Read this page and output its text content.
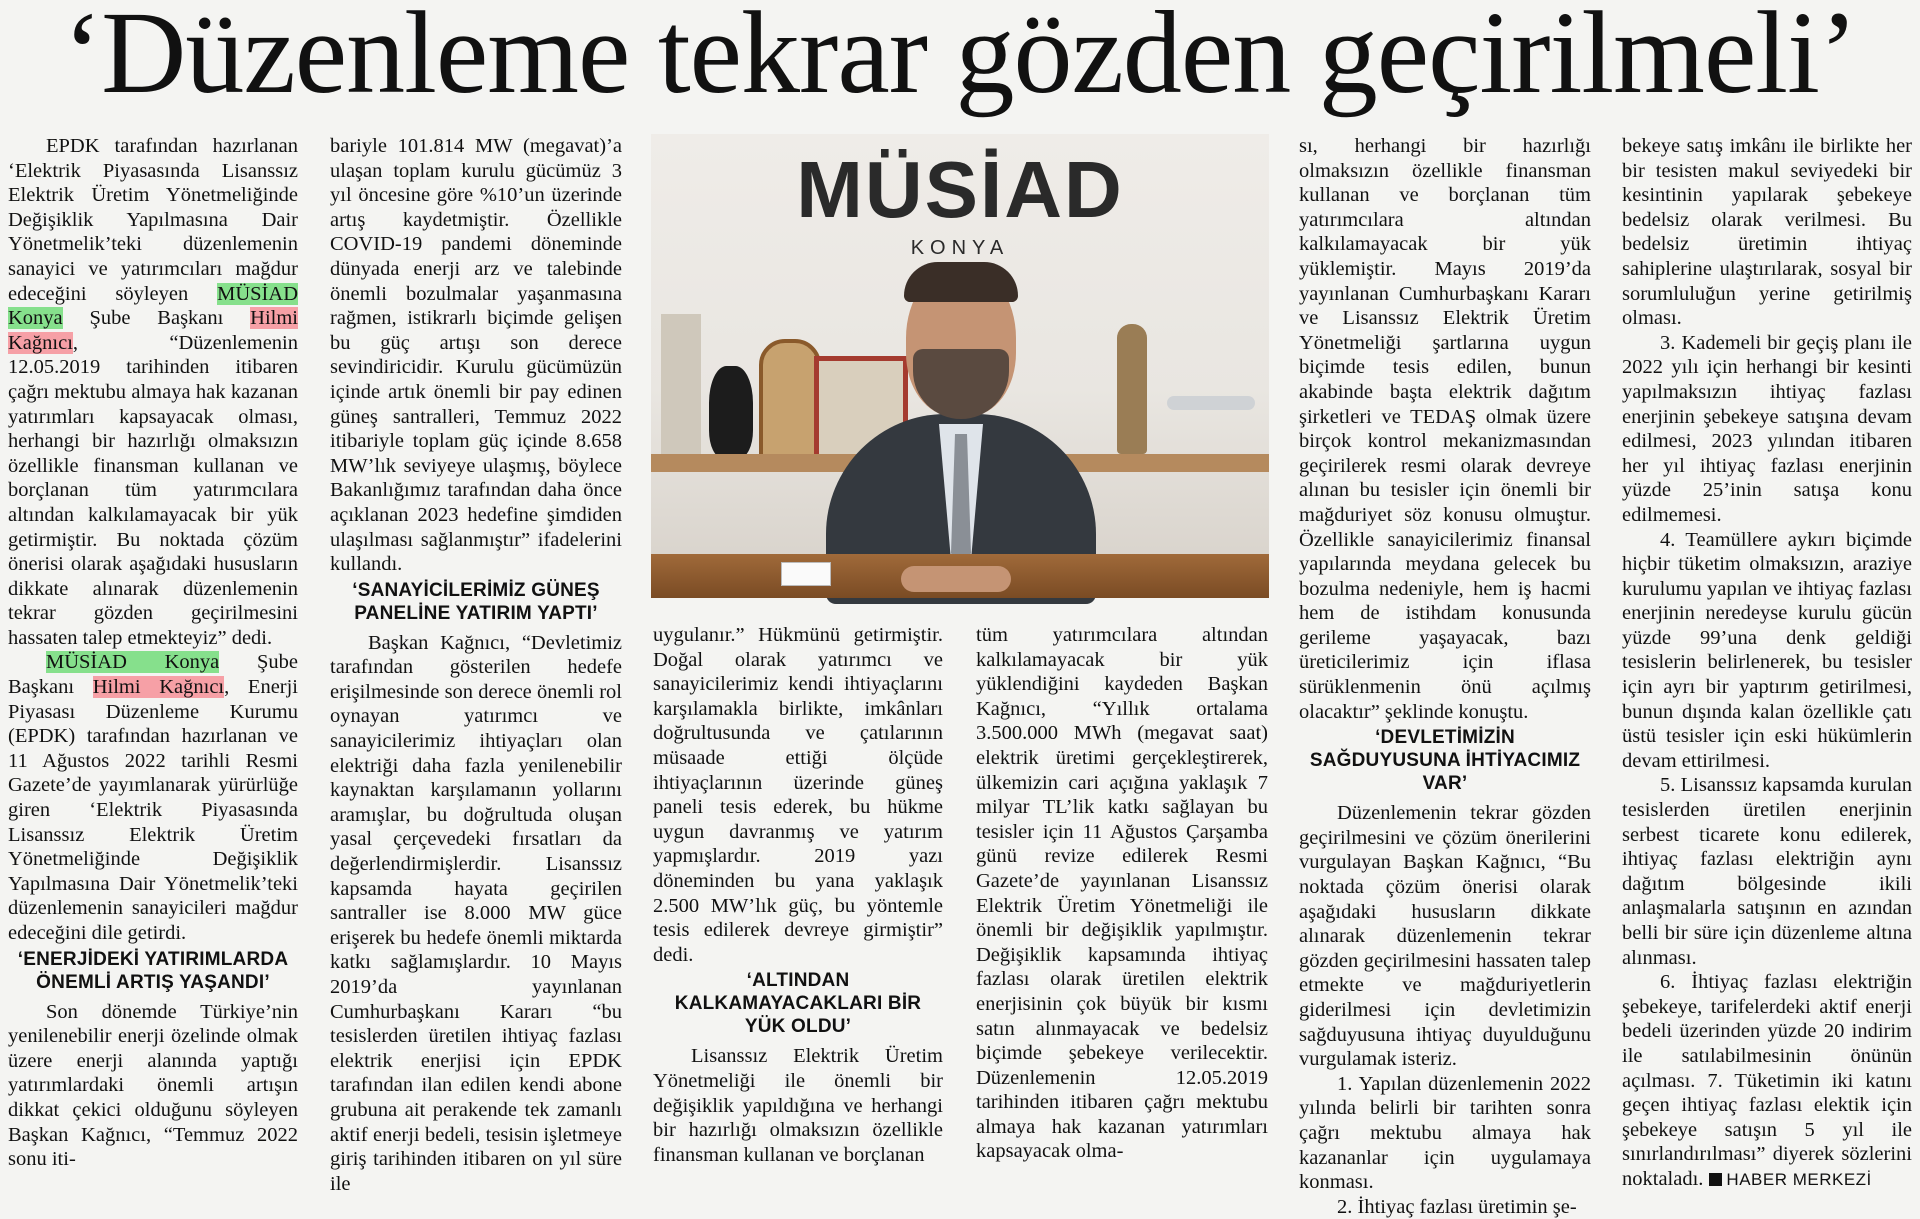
‘Düzenleme tekrar gözden geçirilmeli’

EPDK tarafından hazırlanan ‘Elektrik Piyasasında Lisanssız Elektrik Üretim Yönetmeliğinde Değişiklik Yapılmasına Dair Yönetmelik’teki düzenlemenin sanayici ve yatırımcıları mağdur edeceğini söyleyen MÜSİAD Konya Şube Başkanı Hilmi Kağnıcı, “Düzenlemenin 12.05.2019 tarihinden itibaren çağrı mektubu almaya hak kazanan yatırımları kapsayacak olması, herhangi bir hazırlığı olmaksızın özellikle finansman kullanan ve borçlanan tüm yatırımcılara altından kalkılamayacak bir yük getirmiştir. Bu noktada çözüm önerisi olarak aşağıdaki hususların dikkate alınarak düzenlemenin tekrar gözden geçirilmesini hassaten talep etmekteyiz” dedi.

MÜSİAD Konya Şube Başkanı Hilmi Kağnıcı, Enerji Piyasası Düzenleme Kurumu (EPDK) tarafından hazırlanan ve 11 Ağustos 2022 tarihli Resmi Gazete’de yayımlanarak yürürlüğe giren ‘Elektrik Piyasasında Lisanssız Elektrik Üretim Yönetmeliğinde Değişiklik Yapılmasına Dair Yönetmelik’teki düzenlemenin sanayicileri mağdur edeceğini dile getirdi.

‘ENERJİDEKİ YATIRIMLARDA ÖNEMLİ ARTIŞ YAŞANDI’

Son dönemde Türkiye’nin yenilenebilir enerji özelinde olmak üzere enerji alanında yaptığı yatırımlardaki önemli artışın dikkat çekici olduğunu söyleyen Başkan Kağnıcı, “Temmuz 2022 sonu iti-

bariyle 101.814 MW (megavat)’a ulaşan toplam kurulu gücümüz 3 yıl öncesine göre %10’un üzerinde artış kaydetmiştir. Özellikle COVID-19 pandemi döneminde dünyada enerji arz ve talebinde önemli bozulmalar yaşanmasına rağmen, istikrarlı biçimde gelişen bu güç artışı son derece sevindiricidir. Kurulu gücümüzün içinde artık önemli bir pay edinen güneş santralleri, Temmuz 2022 itibariyle toplam güç içinde 8.658 MW’lık seviyeye ulaşmış, böylece Bakanlığımız tarafından daha önce açıklanan 2023 hedefine şimdiden ulaşılması sağlanmıştır” ifadelerini kullandı.

‘SANAYİCİLERİMİZ GÜNEŞ PANELİNE YATIRIM YAPTI’

Başkan Kağnıcı, “Devletimiz tarafından gösterilen hedefe erişilmesinde son derece önemli rol oynayan yatırımcı ve sanayicilerimiz ihtiyaçları olan elektriği daha fazla yenilenebilir kaynaktan karşılamanın yollarını aramışlar, bu doğrultuda oluşan yasal çerçevedeki fırsatları da değerlendirmişlerdir. Lisanssız kapsamda hayata geçirilen santraller ise 8.000 MW güce erişerek bu hedefe önemli miktarda katkı sağlamışlardır. 10 Mayıs 2019’da yayınlanan Cumhurbaşkanı Kararı “bu tesislerden üretilen ihtiyaç fazlası elektrik enerjisi için EPDK tarafından ilan edilen kendi abone grubuna ait perakende tek zamanlı aktif enerji bedeli, tesisin işletmeye giriş tarihinden itibaren on yıl süre ile

MÜSİAD
KONYA

uygulanır.” Hükmünü getirmiştir. Doğal olarak yatırımcı ve sanayicilerimiz kendi ihtiyaçlarını karşılamakla birlikte, imkânları doğrultusunda ve çatılarının müsaade ettiği ölçüde ihtiyaçlarının üzerinde güneş paneli tesis ederek, bu hükme uygun davranmış ve yatırım yapmışlardır. 2019 yazı döneminden bu yana yaklaşık 2.500 MW’lık güç, bu yöntemle tesis edilerek devreye girmiştir” dedi.

‘ALTINDAN KALKAMAYACAKLARI BİR YÜK OLDU’

Lisanssız Elektrik Üretim Yönetmeliği ile önemli bir değişiklik yapıldığına ve herhangi bir hazırlığı olmaksızın özellikle finansman kullanan ve borçlanan

tüm yatırımcılara altından kalkılamayacak bir yük yüklendiğini kaydeden Başkan Kağnıcı, “Yıllık ortalama 3.500.000 MWh (megavat saat) elektrik üretimi gerçekleştirerek, ülkemizin cari açığına yaklaşık 7 milyar TL’lik katkı sağlayan bu tesisler için 11 Ağustos Çarşamba günü revize edilerek Resmi Gazete’de yayınlanan Lisanssız Elektrik Üretim Yönetmeliği ile önemli bir değişiklik yapılmıştır. Değişiklik kapsamında ihtiyaç fazlası olarak üretilen elektrik enerjisinin çok büyük bir kısmı satın alınmayacak ve bedelsiz biçimde şebekeye verilecektir. Düzenlemenin 12.05.2019 tarihinden itibaren çağrı mektubu almaya hak kazanan yatırımları kapsayacak olma-

sı, herhangi bir hazırlığı olmaksızın özellikle finansman kullanan ve borçlanan tüm yatırımcılara altından kalkılamayacak bir yük yüklemiştir. Mayıs 2019’da yayınlanan Cumhurbaşkanı Kararı ve Lisanssız Elektrik Üretim Yönetmeliği şartlarına uygun biçimde tesis edilen, bunun akabinde başta elektrik dağıtım şirketleri ve TEDAŞ olmak üzere birçok kontrol mekanizmasından geçirilerek resmi olarak devreye alınan bu tesisler için önemli bir mağduriyet söz konusu olmuştur. Özellikle sanayicilerimiz finansal yapılarında meydana gelecek bu bozulma nedeniyle, hem iş hacmi hem de istihdam konusunda gerileme yaşayacak, bazı üreticilerimiz için iflasa sürüklenmenin önü açılmış olacaktır” şeklinde konuştu.

‘DEVLETİMİZİN SAĞDUYUSUNA İHTİYACIMIZ VAR’

Düzenlemenin tekrar gözden geçirilmesini ve çözüm önerilerini vurgulayan Başkan Kağnıcı, “Bu noktada çözüm önerisi olarak aşağıdaki hususların dikkate alınarak düzenlemenin tekrar gözden geçirilmesini hassaten talep etmekte ve mağduriyetlerin giderilmesi için devletimizin sağduyusuna ihtiyaç duyulduğunu vurgulamak isteriz.

1. Yapılan düzenlemenin 2022 yılında belirli bir tarihten sonra çağrı mektubu almaya hak kazananlar için uygulamaya konması.

2. İhtiyaç fazlası üretimin şe-

bekeye satış imkânı ile birlikte her bir tesisten makul seviyedeki bir kesintinin yapılarak şebekeye bedelsiz olarak verilmesi. Bu bedelsiz üretimin ihtiyaç sahiplerine ulaştırılarak, sosyal bir sorumluluğun yerine getirilmiş olması.

3. Kademeli bir geçiş planı ile 2022 yılı için herhangi bir kesinti yapılmaksızın ihtiyaç fazlası enerjinin şebekeye satışına devam edilmesi, 2023 yılından itibaren her yıl ihtiyaç fazlası enerjinin yüzde 25’inin satışa konu edilmemesi.

4. Teamüllere aykırı biçimde hiçbir tüketim olmaksızın, araziye kurulumu yapılan ve ihtiyaç fazlası enerjinin neredeyse kurulu gücün yüzde 99’una denk geldiği tesislerin belirlenerek, bu tesisler için ayrı bir yaptırım getirilmesi, bunun dışında kalan özellikle çatı üstü tesisler için eski hükümlerin devam ettirilmesi.

5. Lisanssız kapsamda kurulan tesislerden üretilen enerjinin serbest ticarete konu edilerek, ihtiyaç fazlası elektriğin aynı dağıtım bölgesinde ikili anlaşmalarla satışının en azından belli bir süre için düzenleme altına alınması.

6. İhtiyaç fazlası elektriğin şebekeye, tarifelerdeki aktif enerji bedeli üzerinden yüzde 20 indirim ile satılabilmesinin önünün açılması. 7. Tüketimin iki katını geçen ihtiyaç fazlası elektik için şebekeye satışın 5 yıl ile sınırlandırılması” diyerek sözlerini noktaladı. HABER MERKEZİ
